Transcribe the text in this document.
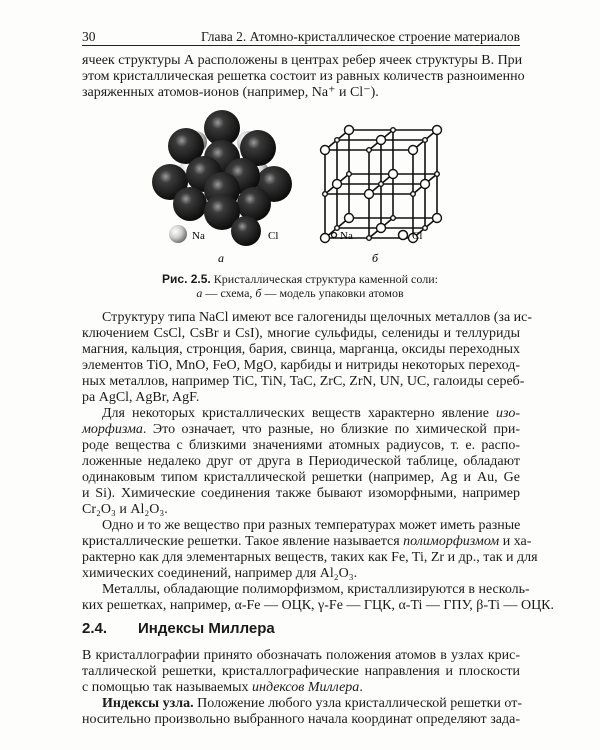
30	Глава 2. Атомно-кристаллическое строение материалов
ячеек структуры А расположены в центрах ребер ячеек структуры В. При
этом кристаллическая решетка состоит из равных количеств разноименно
заряженных атомов-ионов (например, Na⁺ и Cl⁻).
Na	Cl	Na	Cl
а	б
Рис. 2.5. Кристаллическая структура каменной соли:
а — схема, б — модель упаковки атомов
Структуру типа NaCl имеют все галогениды щелочных металлов (за ис-
ключением CsCl, CsBr и CsI), многие сульфиды, селениды и теллуриды
магния, кальция, стронция, бария, свинца, марганца, оксиды переходных
элементов TiO, MnO, FeO, MgO, карбиды и нитриды некоторых переход-
ных металлов, например TiC, TiN, TaC, ZrC, ZrN, UN, UC, галоиды сереб-
ра AgCl, AgBr, AgF.
Для некоторых кристаллических веществ характерно явление изо-
морфизма. Это означает, что разные, но близкие по химической при-
роде вещества с близкими значениями атомных радиусов, т. е. распо-
ложенные недалеко друг от друга в Периодической таблице, обладают
одинаковым типом кристаллической решетки (например, Ag и Au, Ge
и Si). Химические соединения также бывают изоморфными, например
Cr₂O₃ и Al₂O₃.
Одно и то же вещество при разных температурах может иметь разные
кристаллические решетки. Такое явление называется полиморфизмом и ха-
рактерно как для элементарных веществ, таких как Fe, Ti, Zr и др., так и для
химических соединений, например для Al₂O₃.
Металлы, обладающие полиморфизмом, кристаллизируются в несколь-
ких решетках, например, α-Fe — ОЦК, γ-Fe — ГЦК, α-Ti — ГПУ, β-Ti — ОЦК.
2.4. Индексы Миллера
В кристаллографии принято обозначать положения атомов в узлах крис-
таллической решетки, кристаллографические направления и плоскости
с помощью так называемых индексов Миллера.
Индексы узла. Положение любого узла кристаллической решетки от-
носительно произвольно выбранного начала координат определяют зада-
